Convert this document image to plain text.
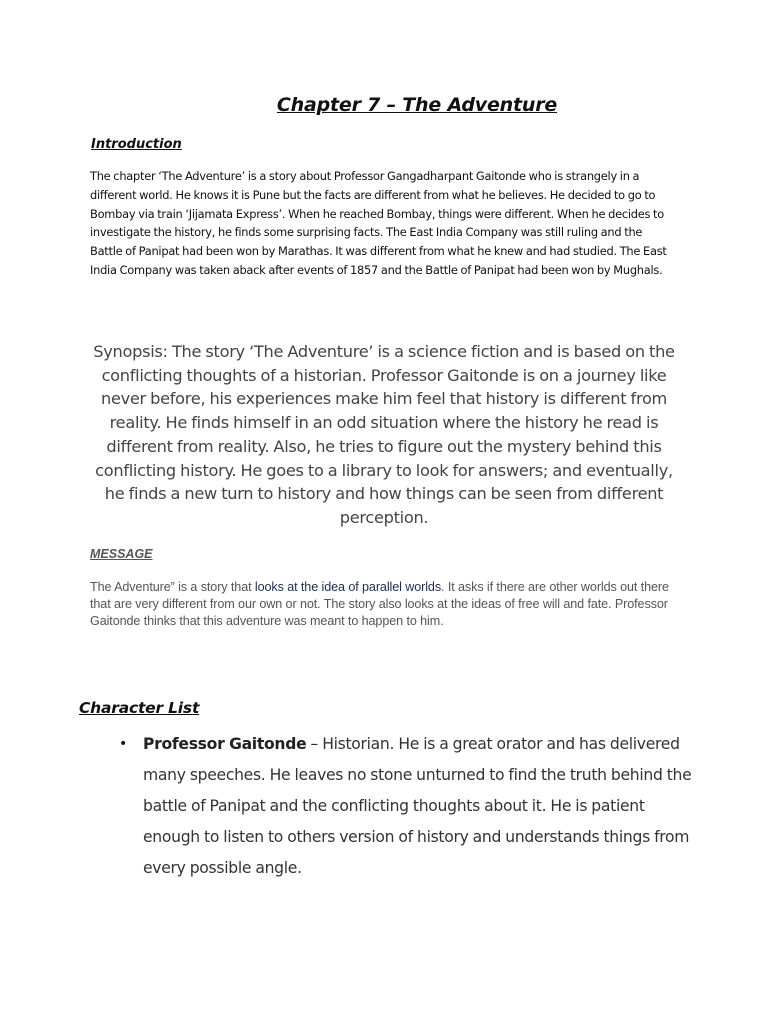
Chapter 7 – The Adventure
Introduction
The chapter ‘The Adventure’ is a story about Professor Gangadharpant Gaitonde who is strangely in a different world. He knows it is Pune but the facts are different from what he believes. He decided to go to Bombay via train ‘Jijamata Express’. When he reached Bombay, things were different. When he decides to investigate the history, he finds some surprising facts. The East India Company was still ruling and the Battle of Panipat had been won by Marathas. It was different from what he knew and had studied. The East India Company was taken aback after events of 1857 and the Battle of Panipat had been won by Mughals.
Synopsis: The story ‘The Adventure’ is a science fiction and is based on the conflicting thoughts of a historian. Professor Gaitonde is on a journey like never before, his experiences make him feel that history is different from reality. He finds himself in an odd situation where the history he read is different from reality. Also, he tries to figure out the mystery behind this conflicting history. He goes to a library to look for answers; and eventually, he finds a new turn to history and how things can be seen from different perception.
MESSAGE
The Adventure” is a story that looks at the idea of parallel worlds. It asks if there are other worlds out there that are very different from our own or not. The story also looks at the ideas of free will and fate. Professor Gaitonde thinks that this adventure was meant to happen to him.
Character List
• Professor Gaitonde – Historian. He is a great orator and has delivered many speeches. He leaves no stone unturned to find the truth behind the battle of Panipat and the conflicting thoughts about it. He is patient enough to listen to others version of history and understands things from every possible angle.
